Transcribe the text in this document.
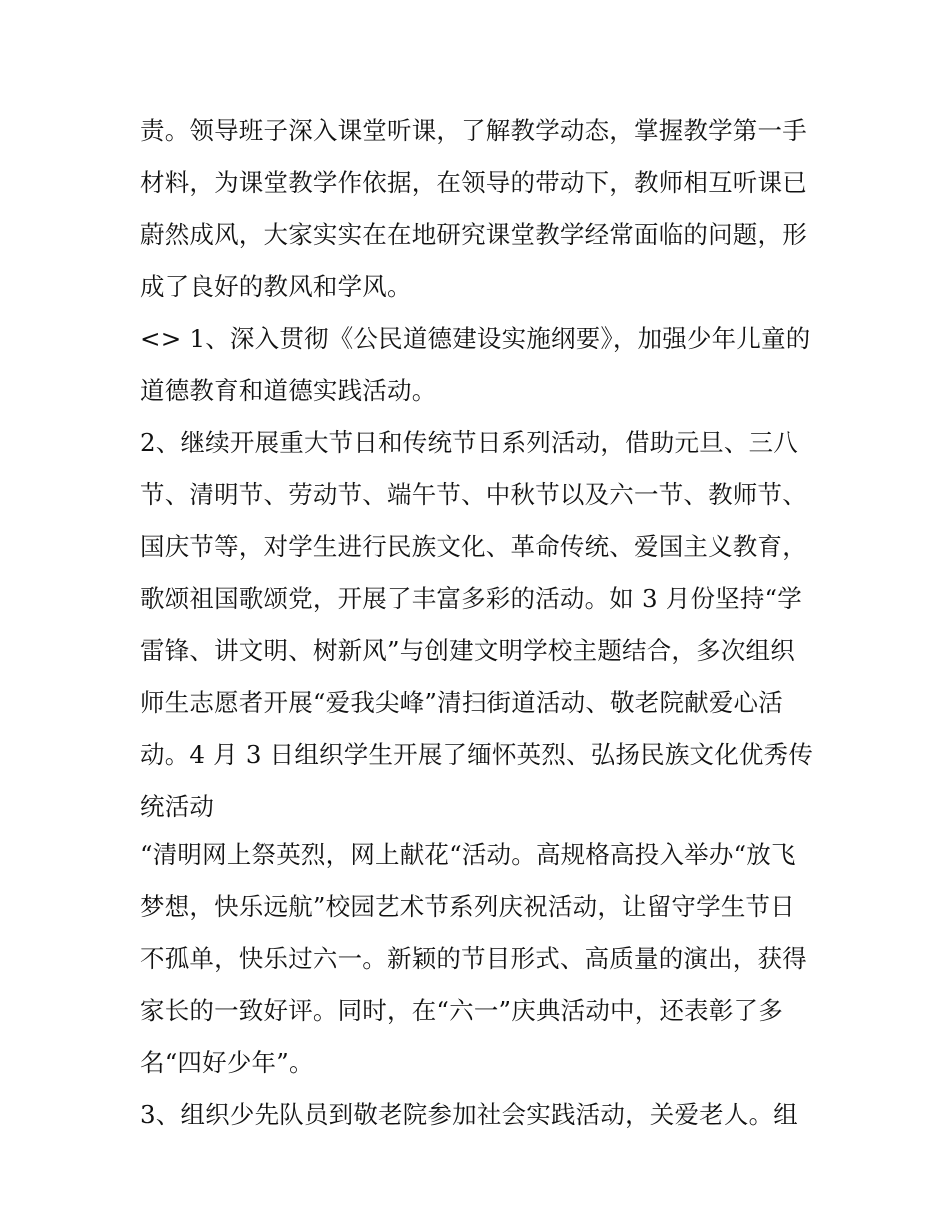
责。领导班子深入课堂听课，了解教学动态，掌握教学第一手
材料，为课堂教学作依据，在领导的带动下，教师相互听课已
蔚然成风，大家实实在在地研究课堂教学经常面临的问题，形
成了良好的教风和学风。
<> 1、深入贯彻《公民道德建设实施纲要》，加强少年儿童的
道德教育和道德实践活动。
2、继续开展重大节日和传统节日系列活动，借助元旦、三八
节、清明节、劳动节、端午节、中秋节以及六一节、教师节、
国庆节等，对学生进行民族文化、革命传统、爱国主义教育，
歌颂祖国歌颂党，开展了丰富多彩的活动。如 3 月份坚持“学
雷锋、讲文明、树新风”与创建文明学校主题结合，多次组织
师生志愿者开展“爱我尖峰”清扫街道活动、敬老院献爱心活
动。4 月 3 日组织学生开展了缅怀英烈、弘扬民族文化优秀传
统活动
“清明网上祭英烈，网上献花“活动。高规格高投入举办“放飞
梦想，快乐远航”校园艺术节系列庆祝活动，让留守学生节日
不孤单，快乐过六一。新颖的节目形式、高质量的演出，获得
家长的一致好评。同时，在“六一”庆典活动中，还表彰了多
名“四好少年”。
3、组织少先队员到敬老院参加社会实践活动，关爱老人。组
